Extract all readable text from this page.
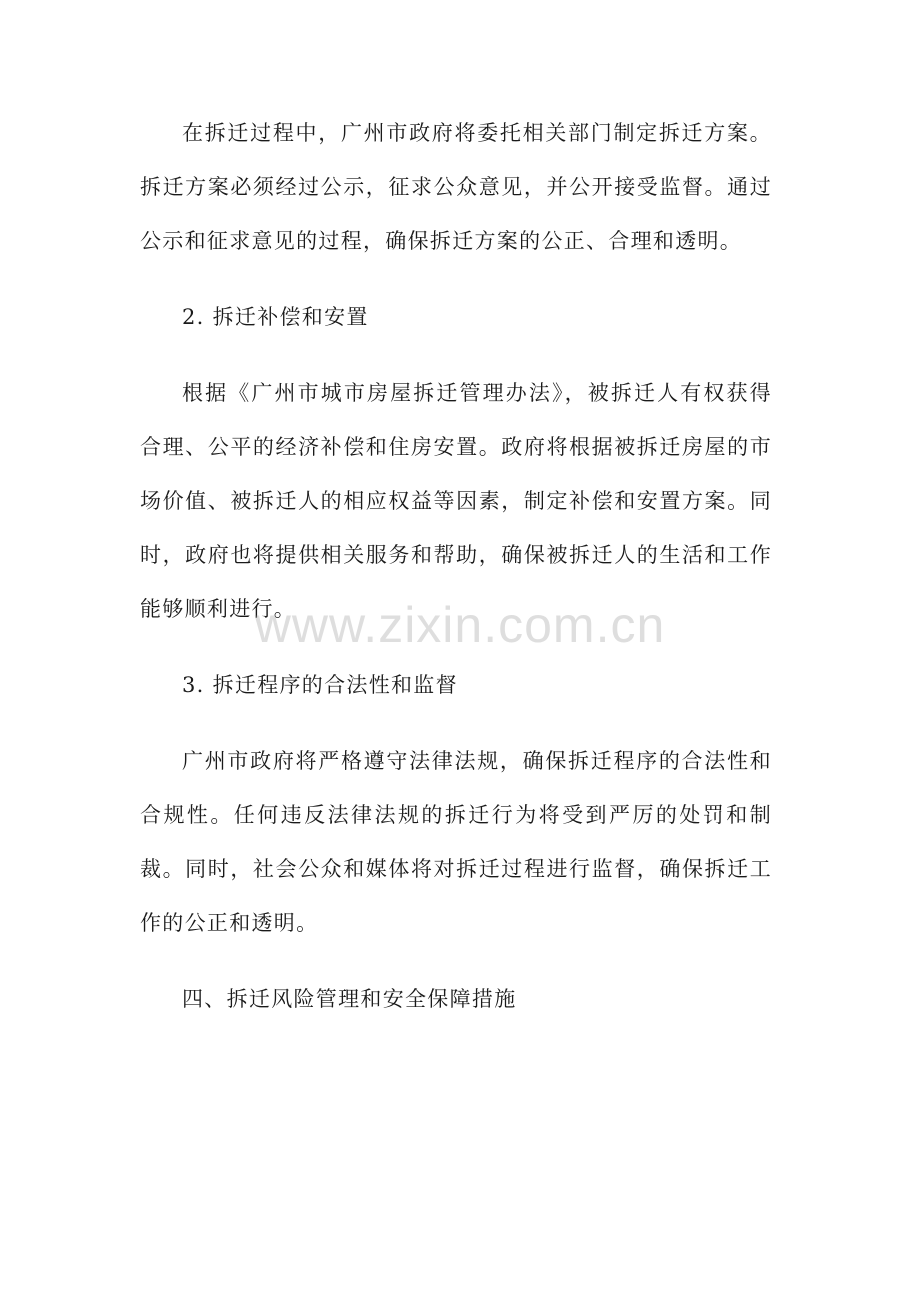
在拆迁过程中，广州市政府将委托相关部门制定拆迁方案。拆迁方案必须经过公示，征求公众意见，并公开接受监督。通过公示和征求意见的过程，确保拆迁方案的公正、合理和透明。

2. 拆迁补偿和安置

根据《广州市城市房屋拆迁管理办法》，被拆迁人有权获得合理、公平的经济补偿和住房安置。政府将根据被拆迁房屋的市场价值、被拆迁人的相应权益等因素，制定补偿和安置方案。同时，政府也将提供相关服务和帮助，确保被拆迁人的生活和工作能够顺利进行。

3. 拆迁程序的合法性和监督

广州市政府将严格遵守法律法规，确保拆迁程序的合法性和合规性。任何违反法律法规的拆迁行为将受到严厉的处罚和制裁。同时，社会公众和媒体将对拆迁过程进行监督，确保拆迁工作的公正和透明。

四、拆迁风险管理和安全保障措施

www.zixin.com.cn
